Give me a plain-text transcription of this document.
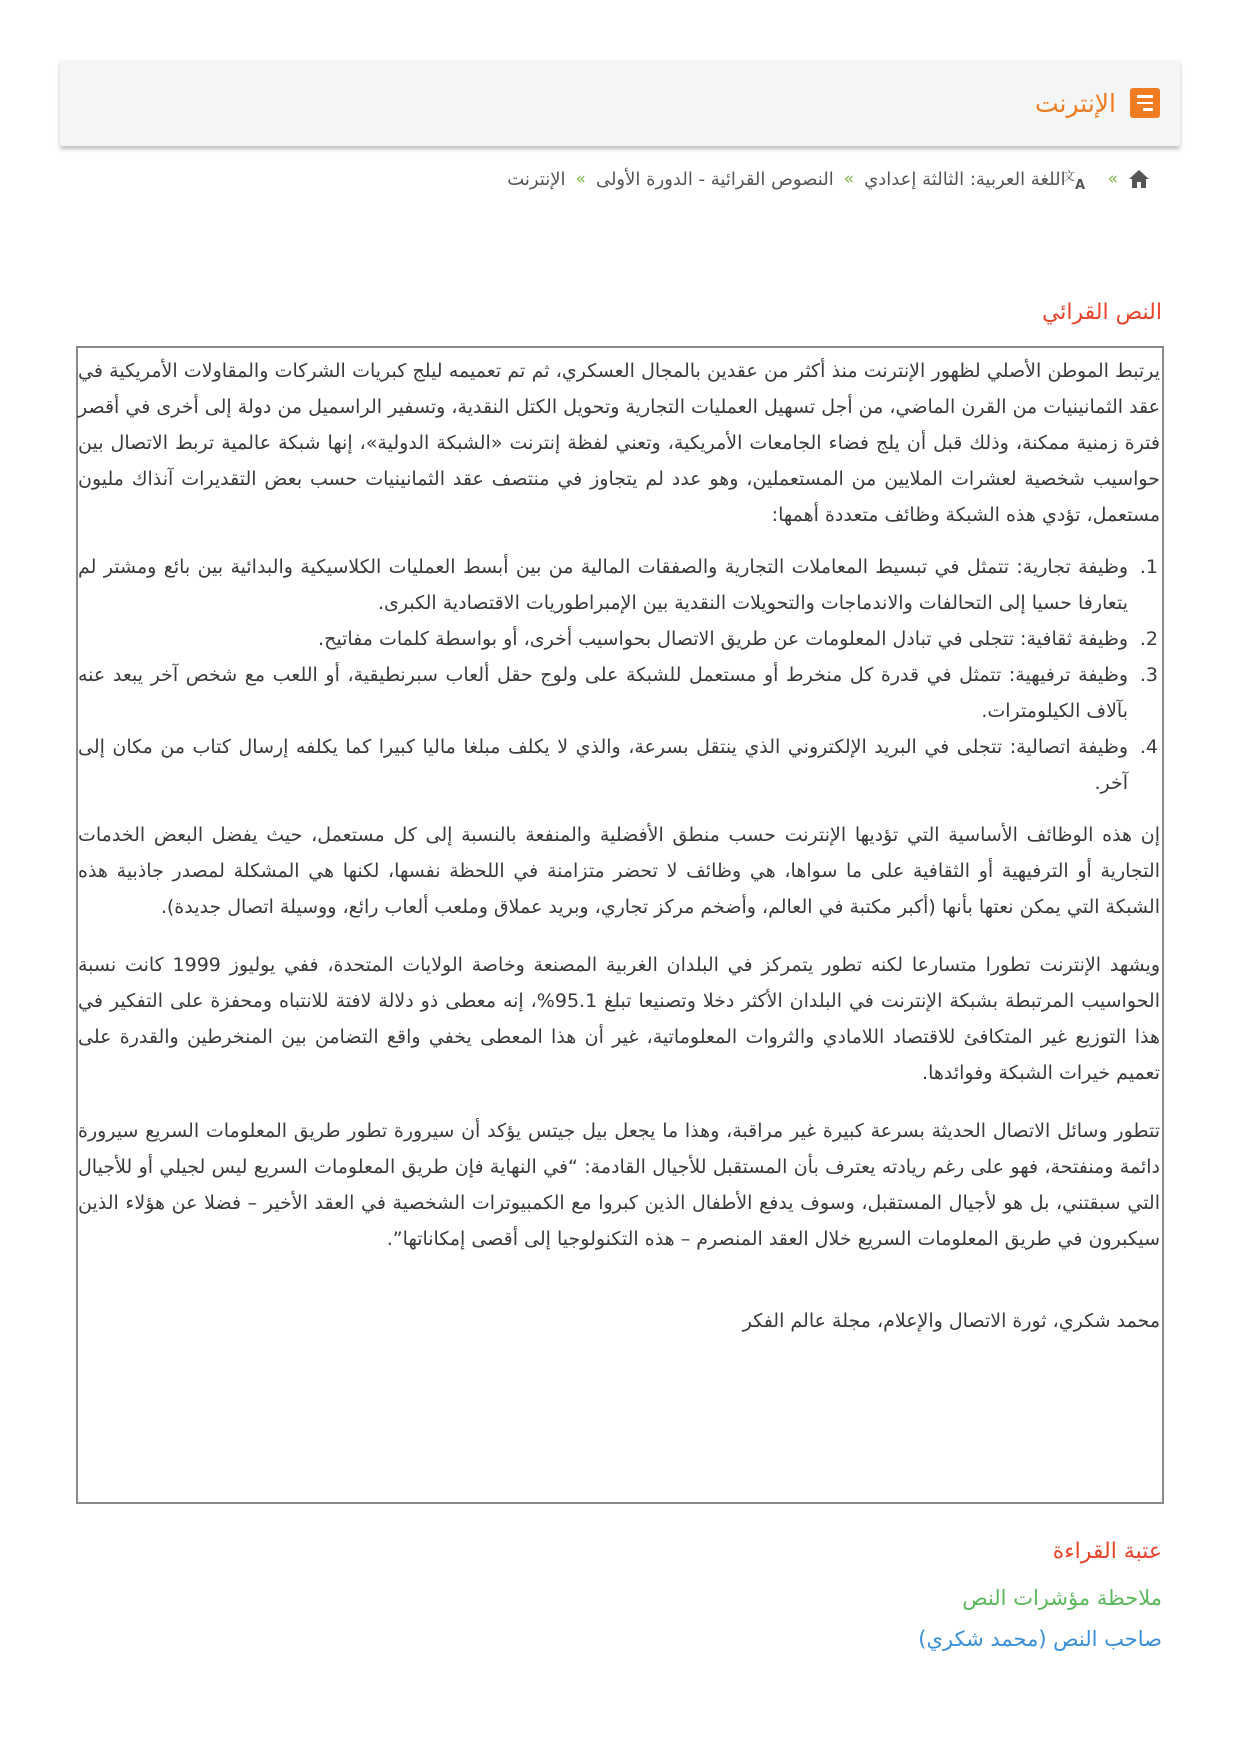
الإنترنت
»
文
A
اللغة العربية: الثالثة إعدادي
»
النصوص القرائية - الدورة الأولى
»
الإنترنت
النص القرائي

يرتبط الموطن الأصلي لظهور الإنترنت منذ أكثر من عقدين بالمجال العسكري، ثم تم تعميمه ليلج كبريات الشركات والمقاولات الأمريكية في عقد الثمانينيات من القرن الماضي، من أجل تسهيل العمليات التجارية وتحويل الكتل النقدية، وتسفير الراسميل من دولة إلى أخرى في أقصر فترة زمنية ممكنة، وذلك قبل أن يلج فضاء الجامعات الأمريكية، وتعني لفظة إنترنت «الشبكة الدولية»، إنها شبكة عالمية تربط الاتصال بين حواسيب شخصية لعشرات الملايين من المستعملين، وهو عدد لم يتجاوز في منتصف عقد الثمانينيات حسب بعض التقديرات آنذاك مليون مستعمل، تؤدي هذه الشبكة وظائف متعددة أهمها:

1.
وظيفة تجارية: تتمثل في تبسيط المعاملات التجارية والصفقات المالية من بين أبسط العمليات الكلاسيكية والبدائية بين بائع ومشتر لم يتعارفا حسيا إلى التحالفات والاندماجات والتحويلات النقدية بين الإمبراطوريات الاقتصادية الكبرى.
2.
وظيفة ثقافية: تتجلى في تبادل المعلومات عن طريق الاتصال بحواسيب أخرى، أو بواسطة كلمات مفاتيح.
3.
وظيفة ترفيهية: تتمثل في قدرة كل منخرط أو مستعمل للشبكة على ولوج حقل ألعاب سبرنطيقية، أو اللعب مع شخص آخر يبعد عنه بآلاف الكيلومترات.
4.
وظيفة اتصالية: تتجلى في البريد الإلكتروني الذي ينتقل بسرعة، والذي لا يكلف مبلغا ماليا كبيرا كما يكلفه إرسال كتاب من مكان إلى آخر.

إن هذه الوظائف الأساسية التي تؤديها الإنترنت حسب منطق الأفضلية والمنفعة بالنسبة إلى كل مستعمل، حيث يفضل البعض الخدمات التجارية أو الترفيهية أو الثقافية على ما سواها، هي وظائف لا تحضر متزامنة في اللحظة نفسها، لكنها هي المشكلة لمصدر جاذبية هذه الشبكة التي يمكن نعتها بأنها (أكبر مكتبة في العالم، وأضخم مركز تجاري، وبريد عملاق وملعب ألعاب رائع، ووسيلة اتصال جديدة).

ويشهد الإنترنت تطورا متسارعا لكنه تطور يتمركز في البلدان الغربية المصنعة وخاصة الولايات المتحدة، ففي يوليوز 1999 كانت نسبة الحواسيب المرتبطة بشبكة الإنترنت في البلدان الأكثر دخلا وتصنيعا تبلغ 95.1%، إنه معطى ذو دلالة لافتة للانتباه ومحفزة على التفكير في هذا التوزيع غير المتكافئ للاقتصاد اللامادي والثروات المعلوماتية، غير أن هذا المعطى يخفي واقع التضامن بين المنخرطين والقدرة على تعميم خيرات الشبكة وفوائدها.

تتطور وسائل الاتصال الحديثة بسرعة كبيرة غير مراقبة، وهذا ما يجعل بيل جيتس يؤكد أن سيرورة تطور طريق المعلومات السريع سيرورة دائمة ومنفتحة، فهو على رغم ريادته يعترف بأن المستقبل للأجيال القادمة: “في النهاية فإن طريق المعلومات السريع ليس لجيلي أو للأجيال التي سبقتني، بل هو لأجيال المستقبل، وسوف يدفع الأطفال الذين كبروا مع الكمبيوترات الشخصية في العقد الأخير – فضلا عن هؤلاء الذين سيكبرون في طريق المعلومات السريع خلال العقد المنصرم – هذه التكنولوجيا إلى أقصى إمكاناتها”.

محمد شكري، ثورة الاتصال والإعلام، مجلة عالم الفكر

عتبة القراءة
ملاحظة مؤشرات النص
صاحب النص (محمد شكري)
